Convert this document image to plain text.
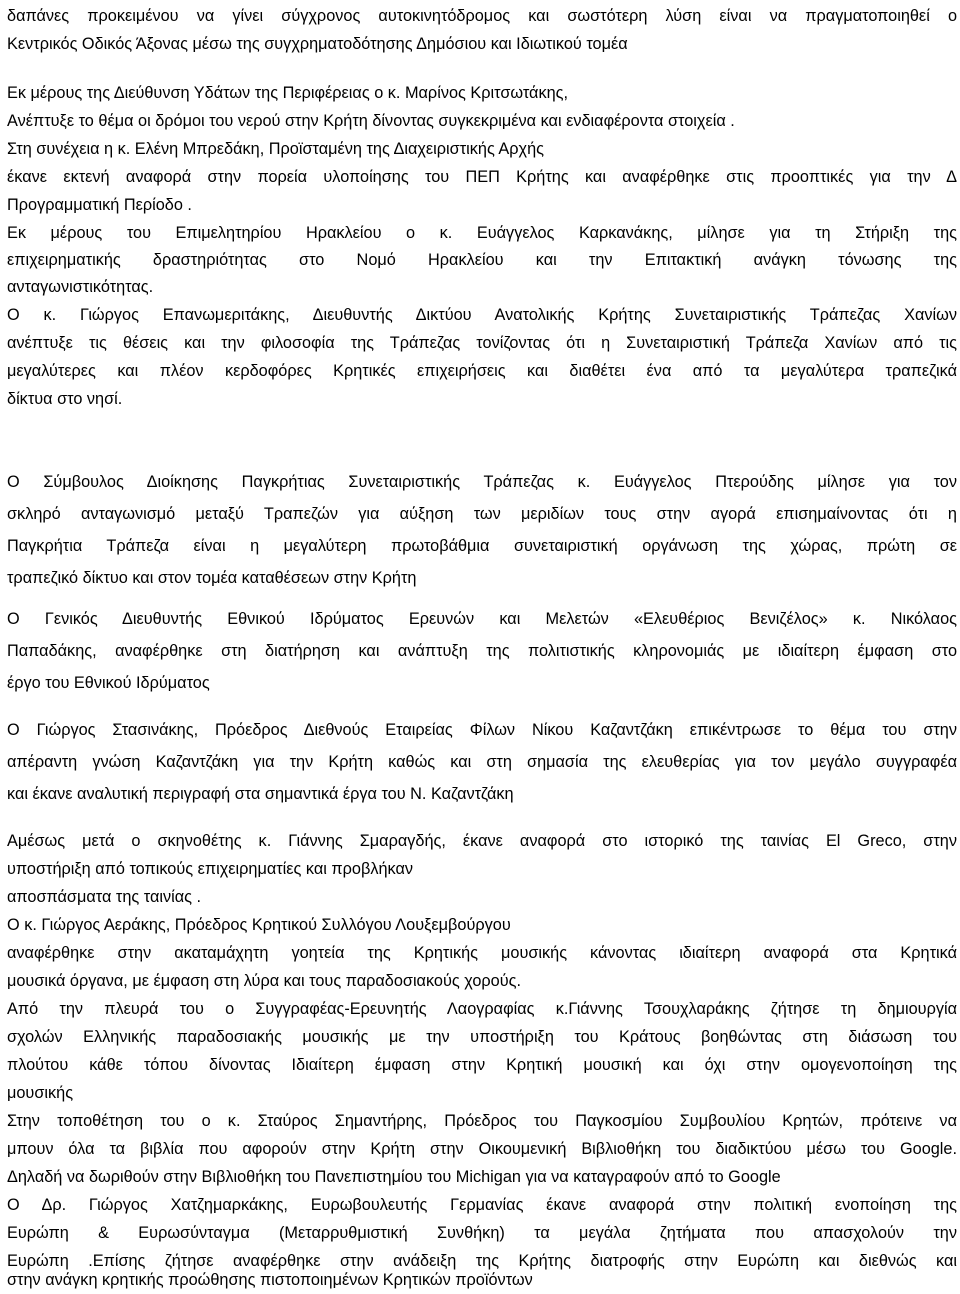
δαπάνες προκειμένου να γίνει σύγχρονος αυτοκινητόδρομος και σωστότερη λύση είναι να πραγματοποιηθεί ο
Κεντρικός Οδικός Άξονας μέσω της συγχρηματοδότησης Δημόσιου και Ιδιωτικού τομέα
Εκ μέρους της Διεύθυνση Υδάτων της Περιφέρειας ο κ. Μαρίνος Κριτσωτάκης,
Ανέπτυξε το θέμα οι δρόμοι του νερού στην Κρήτη δίνοντας συγκεκριμένα και ενδιαφέροντα στοιχεία .
Στη συνέχεια η κ. Ελένη Μπρεδάκη, Προϊσταμένη της Διαχειριστικής Αρχής
έκανε εκτενή αναφορά στην πορεία υλοποίησης του ΠΕΠ Κρήτης και αναφέρθηκε στις προοπτικές για την Δ
Προγραμματική Περίοδο .
Εκ μέρους του Επιμελητηρίου Ηρακλείου ο κ. Ευάγγελος Καρκανάκης, μίλησε για τη Στήριξη της
επιχειρηματικής δραστηριότητας στο Νομό Ηρακλείου και την Επιτακτική ανάγκη τόνωσης της
ανταγωνιστικότητας.
Ο κ. Γιώργος Επανωμεριτάκης, Διευθυντής Δικτύου Ανατολικής Κρήτης Συνεταιριστικής Τράπεζας Χανίων
ανέπτυξε τις θέσεις και την φιλοσοφία της Τράπεζας τονίζοντας ότι η Συνεταιριστική Τράπεζα Χανίων από τις
μεγαλύτερες και πλέον κερδοφόρες Κρητικές επιχειρήσεις και διαθέτει ένα από τα μεγαλύτερα τραπεζικά
δίκτυα στο νησί.
Ο Σύμβουλος Διοίκησης Παγκρήτιας Συνεταιριστικής Τράπεζας κ. Ευάγγελος Πτερούδης μίλησε για τον
σκληρό ανταγωνισμό μεταξύ Τραπεζών για αύξηση των μεριδίων τους στην αγορά επισημαίνοντας ότι η
Παγκρήτια Τράπεζα είναι η μεγαλύτερη πρωτοβάθμια συνεταιριστική οργάνωση της χώρας, πρώτη σε
τραπεζικό δίκτυο και στον τομέα καταθέσεων στην Κρήτη
Ο Γενικός Διευθυντής Εθνικού Ιδρύματος Ερευνών και Μελετών «Ελευθέριος Βενιζέλος» κ. Νικόλαος
Παπαδάκης, αναφέρθηκε στη διατήρηση και ανάπτυξη της πολιτιστικής κληρονομιάς με ιδιαίτερη έμφαση στο
έργο του Εθνικού Ιδρύματος
Ο Γιώργος Στασινάκης, Πρόεδρος Διεθνούς Εταιρείας Φίλων Νίκου Καζαντζάκη επικέντρωσε το θέμα του στην
απέραντη γνώση Καζαντζάκη για την Κρήτη καθώς και στη σημασία της ελευθερίας για τον μεγάλο συγγραφέα
και έκανε αναλυτική περιγραφή στα σημαντικά έργα του Ν. Καζαντζάκη
Αμέσως μετά ο σκηνοθέτης κ. Γιάννης Σμαραγδής, έκανε αναφορά στο ιστορικό της ταινίας El Greco, στην
υποστήριξη από τοπικούς επιχειρηματίες και προβλήκαν
αποσπάσματα της ταινίας .
Ο κ. Γιώργος Αεράκης, Πρόεδρος Κρητικού Συλλόγου Λουξεμβούργου
αναφέρθηκε στην ακαταμάχητη γοητεία της Κρητικής μουσικής κάνοντας ιδιαίτερη αναφορά στα Κρητικά
μουσικά όργανα, με έμφαση στη λύρα και τους παραδοσιακούς χορούς.
Από την πλευρά του ο Συγγραφέας-Ερευνητής Λαογραφίας κ.Γιάννης Τσουχλαράκης ζήτησε τη δημιουργία
σχολών Ελληνικής παραδοσιακής μουσικής με την υποστήριξη του Κράτους βοηθώντας στη διάσωση του
πλούτου κάθε τόπου δίνοντας Ιδιαίτερη έμφαση στην Κρητική μουσική και όχι στην ομογενοποίηση της
μουσικής
Στην τοποθέτηση του ο κ. Σταύρος Σημαντήρης, Πρόεδρος του Παγκοσμίου Συμβουλίου Κρητών, πρότεινε να
μπουν όλα τα βιβλία που αφορούν στην Κρήτη στην Οικουμενική Βιβλιοθήκη του διαδικτύου μέσω του Google.
Δηλαδή να δωριθούν στην Βιβλιοθήκη του Πανεπιστημίου του Michigan για να καταγραφούν από το Google
Ο Δρ. Γιώργος Χατζημαρκάκης, Ευρωβουλευτής Γερμανίας έκανε αναφορά στην πολιτική ενοποίηση της
Ευρώπη & Ευρωσύνταγμα (Μεταρρυθμιστική Συνθήκη) τα μεγάλα ζητήματα που απασχολούν την
Ευρώπη .Επίσης ζήτησε αναφέρθηκε στην ανάδειξη της Κρήτης διατροφής στην Ευρώπη και διεθνώς και
στην ανάγκη κρητικής προώθησης πιστοποιημένων Κρητικών προϊόντων
